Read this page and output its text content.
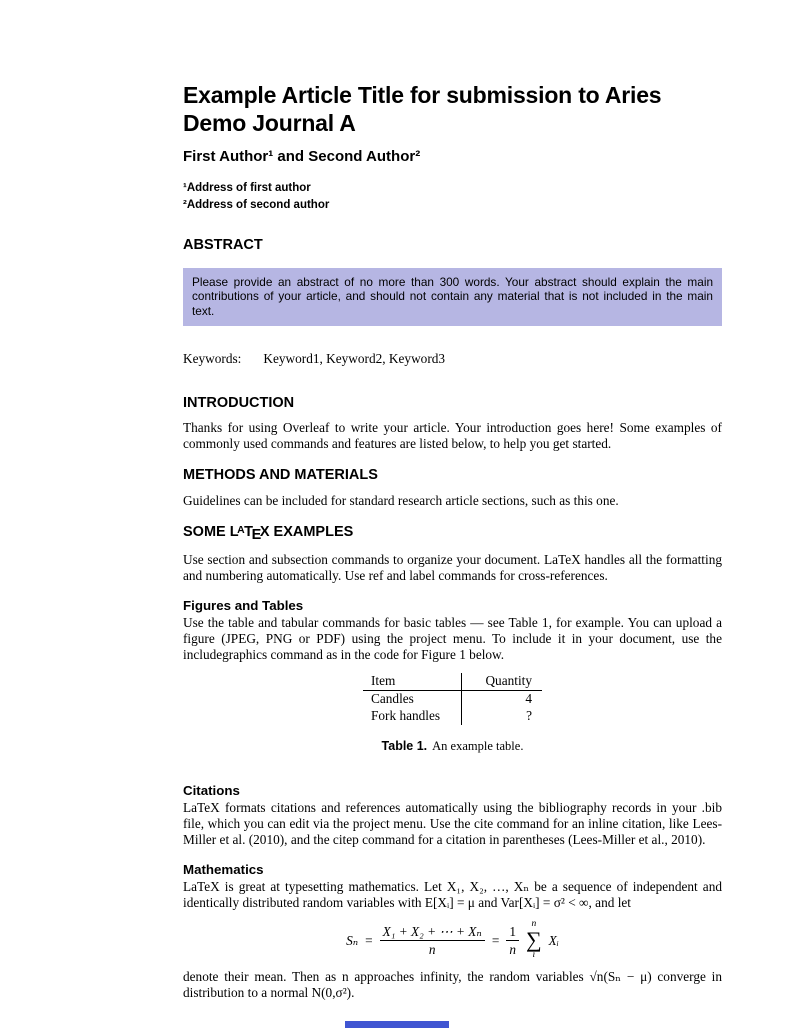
Example Article Title for submission to Aries Demo Journal A
First Author¹ and Second Author²
¹Address of first author
²Address of second author
ABSTRACT

Please provide an abstract of no more than 300 words. Your abstract should explain the main contributions of your article, and should not contain any material that is not included in the main text.

Keywords: Keyword1, Keyword2, Keyword3
INTRODUCTION

Thanks for using Overleaf to write your article. Your introduction goes here! Some examples of commonly used commands and features are listed below, to help you get started.

METHODS AND MATERIALS

Guidelines can be included for standard research article sections, such as this one.

SOME LATEX EXAMPLES

Use section and subsection commands to organize your document. LaTeX handles all the formatting and numbering automatically. Use ref and label commands for cross-references.

Figures and Tables

Use the table and tabular commands for basic tables — see Table 1, for example. You can upload a figure (JPEG, PNG or PDF) using the project menu. To include it in your document, use the includegraphics command as in the code for Figure 1 below.

Item	Quantity
Candles	4
Fork handles	?

Table 1. An example table.

Citations

LaTeX formats citations and references automatically using the bibliography records in your .bib file, which you can edit via the project menu. Use the cite command for an inline citation, like Lees-Miller et al. (2010), and the citep command for a citation in parentheses (Lees-Miller et al., 2010).

Mathematics

LaTeX is great at typesetting mathematics. Let X₁, X₂, …, Xₙ be a sequence of independent and identically distributed random variables with E[Xᵢ] = μ and Var[Xᵢ] = σ² < ∞, and let

$S_n = \frac{\text{X₁ + X₂ + ⋯ + Xₙ}}{n} = \frac{1}{n}$ n
∑
i
Xᵢ

denote their mean. Then as n approaches infinity, the random variables √n(Sₙ − μ) converge in distribution to a normal N(0,σ²).
